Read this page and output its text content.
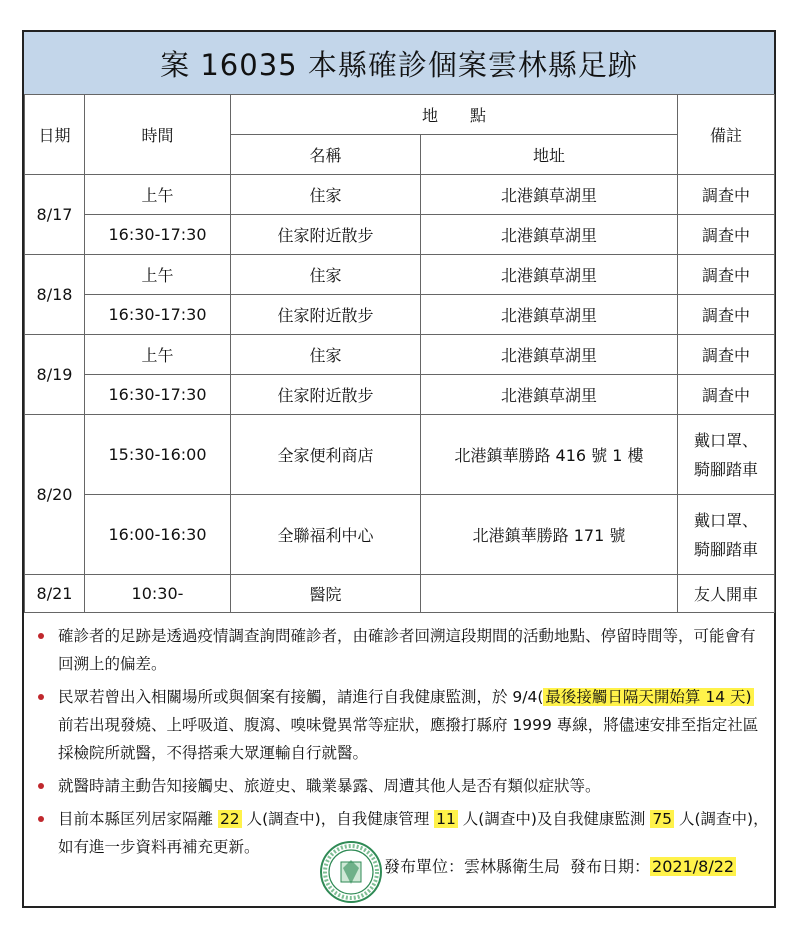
案 16035 本縣確診個案雲林縣足跡
日期	時間	地　　點		備註
		名稱	地址	
8/17	上午	住家	北港鎮草湖里	調查中
	16:30-17:30	住家附近散步	北港鎮草湖里	調查中
8/18	上午	住家	北港鎮草湖里	調查中
	16:30-17:30	住家附近散步	北港鎮草湖里	調查中
8/19	上午	住家	北港鎮草湖里	調查中
	16:30-17:30	住家附近散步	北港鎮草湖里	調查中
8/20	15:30-16:00	全家便利商店	北港鎮華勝路 416 號 1 樓	戴口罩、
騎腳踏車

	16:00-16:30	全聯福利中心	北港鎮華勝路 171 號	戴口罩、
騎腳踏車

8/21	10:30-	醫院		友人開車
確診者的足跡是透過疫情調查詢問確診者，由確診者回溯這段期間的活動地點、停留時間等，可能會有回溯上的偏差。
民眾若曾出入相關場所或與個案有接觸，請進行自我健康監測，於 9/4( 最後接觸日隔天開始算 14 天)前若出現發燒、上呼吸道、腹瀉、嗅味覺異常等症狀，應撥打縣府 1999 專線，將儘速安排至指定社區採檢院所就醫，不得搭乘大眾運輸自行就醫。
就醫時請主動告知接觸史、旅遊史、職業暴露、周遭其他人是否有類似症狀等。
目前本縣匡列居家隔離 22 人(調查中)，自我健康管理 11 人(調查中)及自我健康監測 75 人(調查中)，如有進一步資料再補充更新。
發布單位：雲林縣衛生局 發布日期： 2021/8/22
